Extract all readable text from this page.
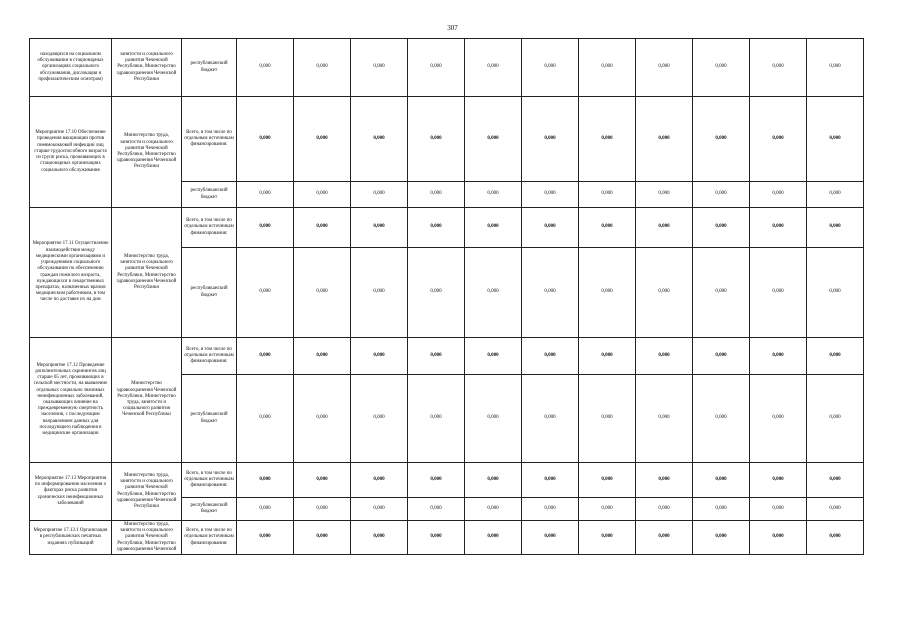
307
находящихся на социальном обслуживании в стационарных организациях социального обслуживания, дислокация и профилактическим осмотрам)	занятости и социального развития Чеченской Республики, Министерство здравоохранения Чеченской Республики	республиканский бюджет	0,000	0,000	0,000	0,000	0,000	0,000	0,000	0,000	0,000	0,000	0,000
Мероприятие 17.10 Обеспечение проведения вакцинации против пневмококковой инфекции лиц старше трудоспособного возраста из групп риска, проживающих в стационарных организациях социального обслуживания	Министерство труда, занятости и социального развития Чеченской Республики, Министерство здравоохранения Чеченской Республики	Всего, в том числе по отдельным источникам финансирования:	0,000	0,000	0,000	0,000	0,000	0,000	0,000	0,000	0,000	0,000	0,000
		республиканский бюджет	0,000	0,000	0,000	0,000	0,000	0,000	0,000	0,000	0,000	0,000	0,000
Мероприятие 17.11 Осуществление взаимодействия между медицинскими организациями и учреждениями социального обслуживания по обеспечению граждан пожилого возраста, нуждающихся в лекарственных препаратах, назначенных врачом медицинским работником, в том числе по доставке их на дом	Министерство труда, занятости и социального развития Чеченской Республики, Министерство здравоохранения Чеченской Республики	Всего, в том числе по отдельным источникам финансирования:	0,000	0,000	0,000	0,000	0,000	0,000	0,000	0,000	0,000	0,000	0,000
		республиканский бюджет	0,000	0,000	0,000	0,000	0,000	0,000	0,000	0,000	0,000	0,000	0,000
Мероприятие 17.12 Проведение дополнительных скринингов лиц старше 65 лет, проживающих в сельской местности, на выявление отдельных социально значимых неинфекционных заболеваний, оказывающих влияние на преждевременную смертность населения, с последующим направлением данных для последующего наблюдения в медицинские организации	Министерство здравоохранения Чеченской Республики, Министерство труда, занятости и социального развития Чеченской Республики	Всего, в том числе по отдельным источникам финансирования:	0,000	0,000	0,000	0,000	0,000	0,000	0,000	0,000	0,000	0,000	0,000
		республиканский бюджет	0,000	0,000	0,000	0,000	0,000	0,000	0,000	0,000	0,000	0,000	0,000
Мероприятие 17.13 Мероприятия по информированию населения о факторах риска развития хронических неинфекционных заболеваний	Министерство труда, занятости и социального развития Чеченской Республики, Министерство здравоохранения Чеченской Республики	Всего, в том числе по отдельным источникам финансирования:	0,000	0,000	0,000	0,000	0,000	0,000	0,000	0,000	0,000	0,000	0,000
		республиканский бюджет	0,000	0,000	0,000	0,000	0,000	0,000	0,000	0,000	0,000	0,000	0,000
Мероприятие 17.13.1 Организация в республиканских печатных изданиях публикаций	Министерство труда, занятости и социального развития Чеченской Республики, Министерство здравоохранения Чеченской	Всего, в том числе по отдельным источникам финансирования:	0,000	0,000	0,000	0,000	0,000	0,000	0,000	0,000	0,000	0,000	0,000
